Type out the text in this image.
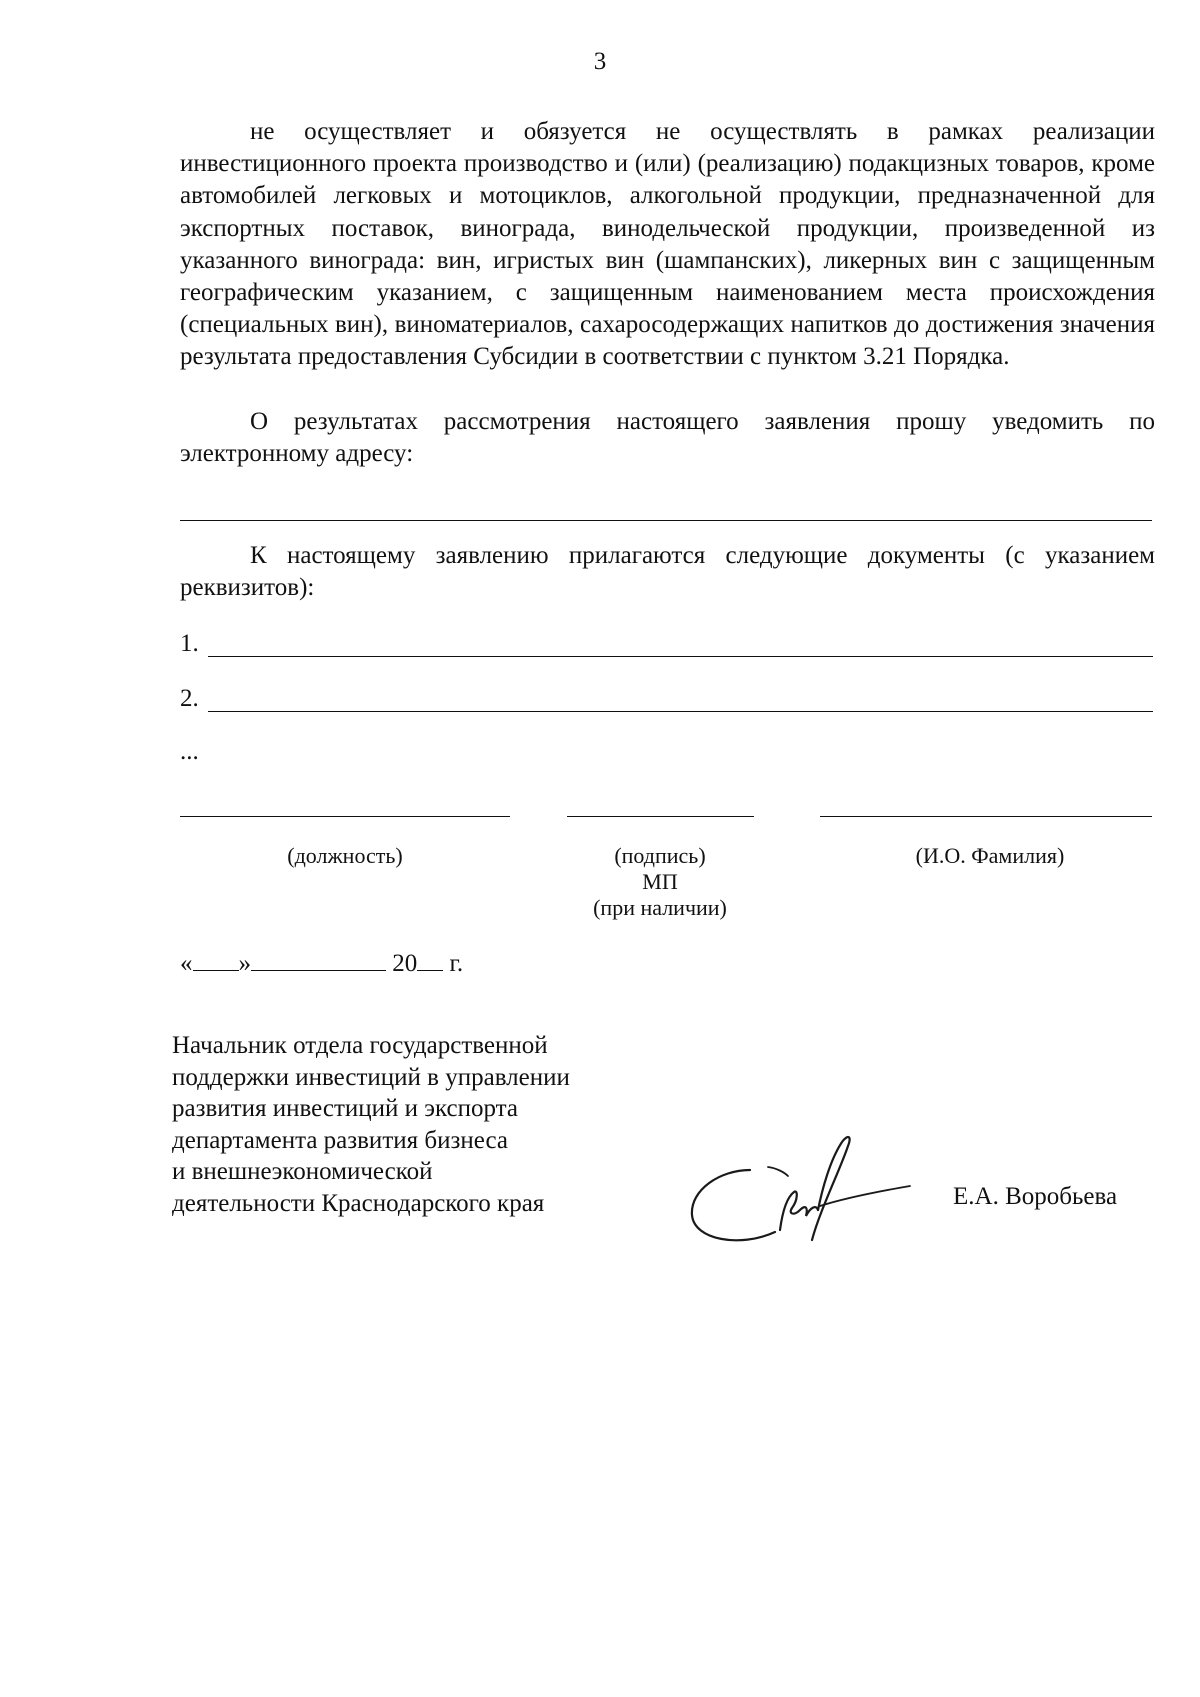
3

не осуществляет и обязуется не осуществлять в рамках реализации инвестиционного проекта производство и (или) (реализацию) подакцизных товаров, кроме автомобилей легковых и мотоциклов, алкогольной продукции, предназначенной для экспортных поставок, винограда, винодельческой продукции, произведенной из указанного винограда: вин, игристых вин (шампанских), ликерных вин с защищенным географическим указанием, с защищенным наименованием места происхождения (специальных вин), виноматериалов, сахаросодержащих напитков до достижения значения результата предоставления Субсидии в соответствии с пунктом 3.21 Порядка.

О результатах рассмотрения настоящего заявления прошу уведомить по электронному адресу:

К настоящему заявлению прилагаются следующие документы (с указанием реквизитов):

1.
2.
...
(должность)	(подпись)
МП
(при наличии)
(И.О. Фамилия)
« »	20 г.
Начальник отдела государственной
поддержки инвестиций в управлении
развития инвестиций и экспорта
департамента развития бизнеса
и внешнеэкономической
деятельности Краснодарского края	Е.А. Воробьева
